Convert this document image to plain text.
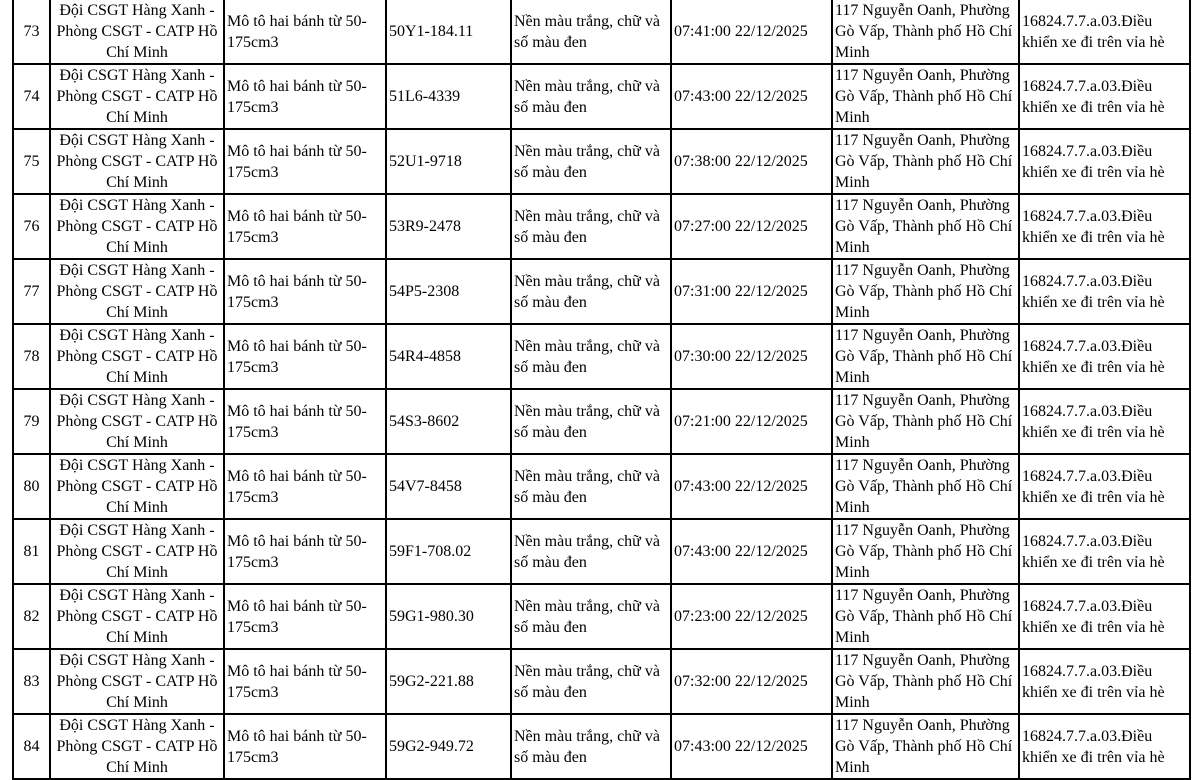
73	Đội CSGT Hàng Xanh - Phòng CSGT - CATP Hồ Chí Minh	Mô tô hai bánh từ 50-175cm3	50Y1-184.11	Nền màu trắng, chữ và số màu đen	07:41:00 22/12/2025	117 Nguyễn Oanh, Phường Gò Vấp, Thành phố Hồ Chí Minh	16824.7.7.a.03.Điều khiển xe đi trên vỉa hè
74	Đội CSGT Hàng Xanh - Phòng CSGT - CATP Hồ Chí Minh	Mô tô hai bánh từ 50-175cm3	51L6-4339	Nền màu trắng, chữ và số màu đen	07:43:00 22/12/2025	117 Nguyễn Oanh, Phường Gò Vấp, Thành phố Hồ Chí Minh	16824.7.7.a.03.Điều khiển xe đi trên vỉa hè
75	Đội CSGT Hàng Xanh - Phòng CSGT - CATP Hồ Chí Minh	Mô tô hai bánh từ 50-175cm3	52U1-9718	Nền màu trắng, chữ và số màu đen	07:38:00 22/12/2025	117 Nguyễn Oanh, Phường Gò Vấp, Thành phố Hồ Chí Minh	16824.7.7.a.03.Điều khiển xe đi trên vỉa hè
76	Đội CSGT Hàng Xanh - Phòng CSGT - CATP Hồ Chí Minh	Mô tô hai bánh từ 50-175cm3	53R9-2478	Nền màu trắng, chữ và số màu đen	07:27:00 22/12/2025	117 Nguyễn Oanh, Phường Gò Vấp, Thành phố Hồ Chí Minh	16824.7.7.a.03.Điều khiển xe đi trên vỉa hè
77	Đội CSGT Hàng Xanh - Phòng CSGT - CATP Hồ Chí Minh	Mô tô hai bánh từ 50-175cm3	54P5-2308	Nền màu trắng, chữ và số màu đen	07:31:00 22/12/2025	117 Nguyễn Oanh, Phường Gò Vấp, Thành phố Hồ Chí Minh	16824.7.7.a.03.Điều khiển xe đi trên vỉa hè
78	Đội CSGT Hàng Xanh - Phòng CSGT - CATP Hồ Chí Minh	Mô tô hai bánh từ 50-175cm3	54R4-4858	Nền màu trắng, chữ và số màu đen	07:30:00 22/12/2025	117 Nguyễn Oanh, Phường Gò Vấp, Thành phố Hồ Chí Minh	16824.7.7.a.03.Điều khiển xe đi trên vỉa hè
79	Đội CSGT Hàng Xanh - Phòng CSGT - CATP Hồ Chí Minh	Mô tô hai bánh từ 50-175cm3	54S3-8602	Nền màu trắng, chữ và số màu đen	07:21:00 22/12/2025	117 Nguyễn Oanh, Phường Gò Vấp, Thành phố Hồ Chí Minh	16824.7.7.a.03.Điều khiển xe đi trên vỉa hè
80	Đội CSGT Hàng Xanh - Phòng CSGT - CATP Hồ Chí Minh	Mô tô hai bánh từ 50-175cm3	54V7-8458	Nền màu trắng, chữ và số màu đen	07:43:00 22/12/2025	117 Nguyễn Oanh, Phường Gò Vấp, Thành phố Hồ Chí Minh	16824.7.7.a.03.Điều khiển xe đi trên vỉa hè
81	Đội CSGT Hàng Xanh - Phòng CSGT - CATP Hồ Chí Minh	Mô tô hai bánh từ 50-175cm3	59F1-708.02	Nền màu trắng, chữ và số màu đen	07:43:00 22/12/2025	117 Nguyễn Oanh, Phường Gò Vấp, Thành phố Hồ Chí Minh	16824.7.7.a.03.Điều khiển xe đi trên vỉa hè
82	Đội CSGT Hàng Xanh - Phòng CSGT - CATP Hồ Chí Minh	Mô tô hai bánh từ 50-175cm3	59G1-980.30	Nền màu trắng, chữ và số màu đen	07:23:00 22/12/2025	117 Nguyễn Oanh, Phường Gò Vấp, Thành phố Hồ Chí Minh	16824.7.7.a.03.Điều khiển xe đi trên vỉa hè
83	Đội CSGT Hàng Xanh - Phòng CSGT - CATP Hồ Chí Minh	Mô tô hai bánh từ 50-175cm3	59G2-221.88	Nền màu trắng, chữ và số màu đen	07:32:00 22/12/2025	117 Nguyễn Oanh, Phường Gò Vấp, Thành phố Hồ Chí Minh	16824.7.7.a.03.Điều khiển xe đi trên vỉa hè
84	Đội CSGT Hàng Xanh - Phòng CSGT - CATP Hồ Chí Minh	Mô tô hai bánh từ 50-175cm3	59G2-949.72	Nền màu trắng, chữ và số màu đen	07:43:00 22/12/2025	117 Nguyễn Oanh, Phường Gò Vấp, Thành phố Hồ Chí Minh	16824.7.7.a.03.Điều khiển xe đi trên vỉa hè
